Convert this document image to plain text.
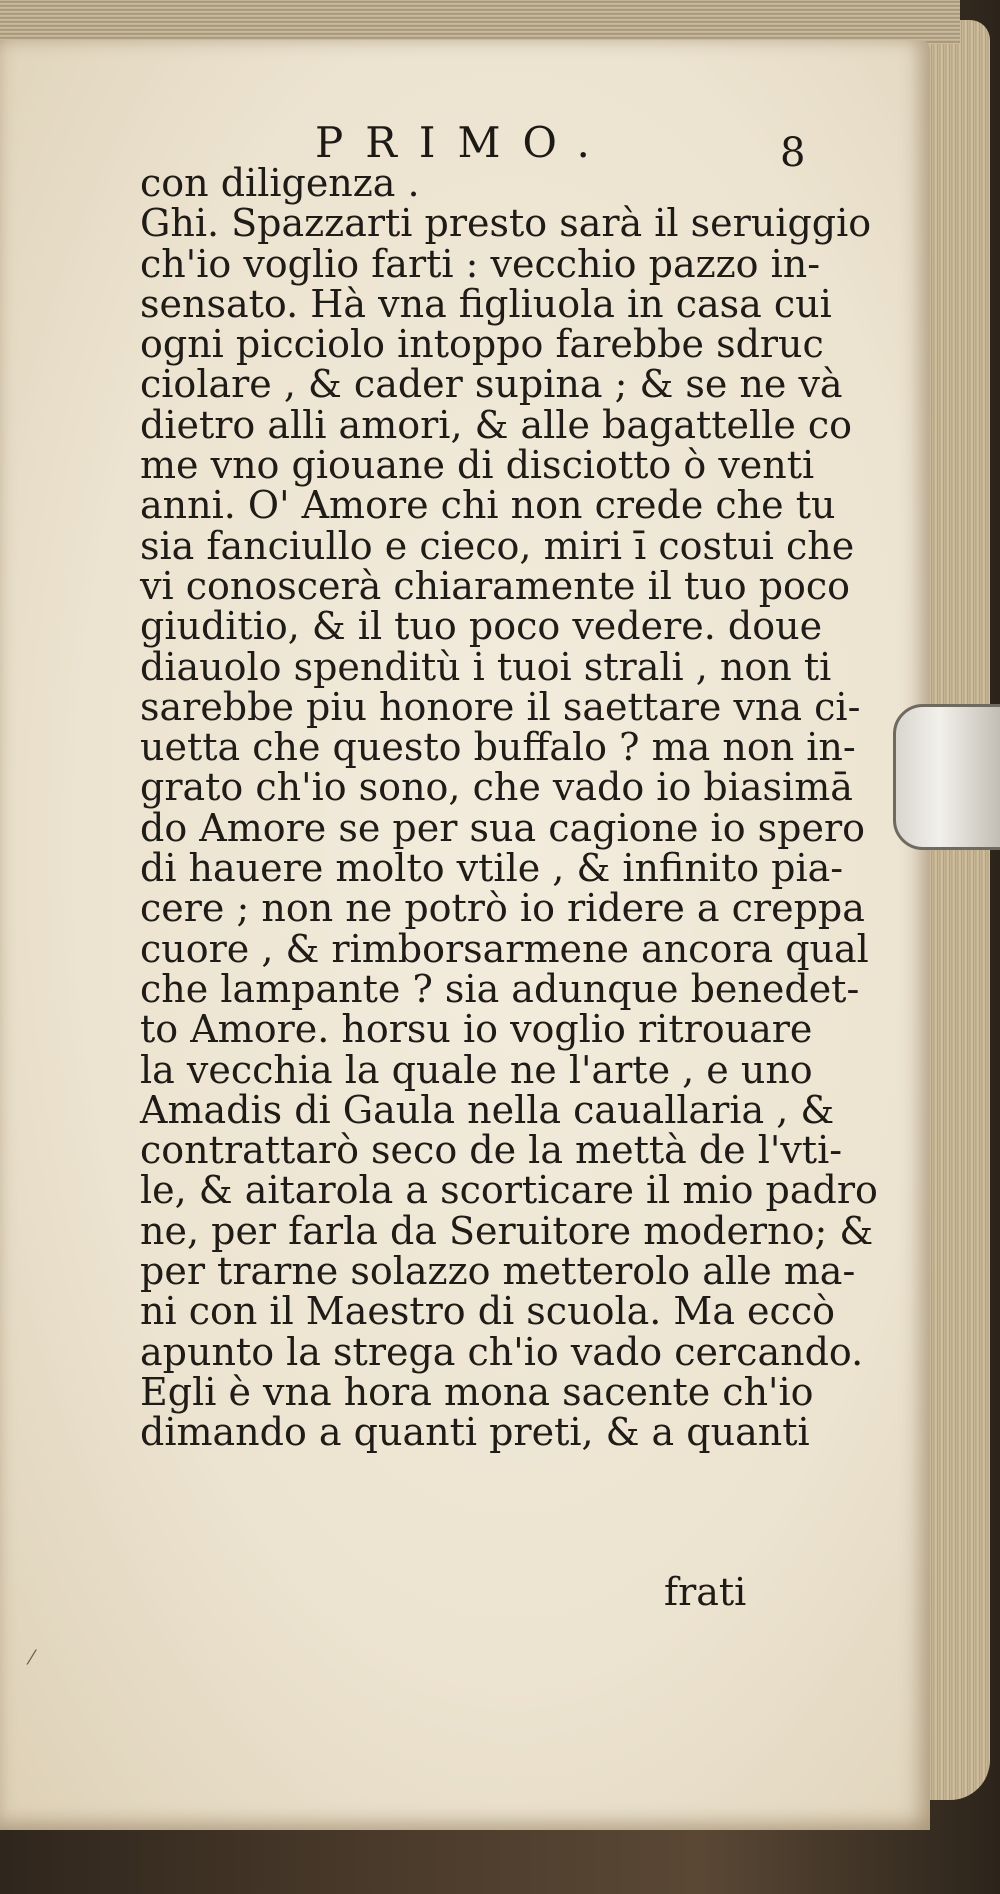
PRIMO.	8
con diligenza .
Ghi. Spazzarti presto sarà il seruiggio
ch'io voglio farti : vecchio pazzo in-
sensato. Hà vna figliuola in casa cui
ogni picciolo intoppo farebbe sdruc
ciolare , & cader supina ; & se ne và
dietro alli amori, & alle bagattelle co
me vno giouane di disciotto ò venti
anni. O' Amore chi non crede che tu
sia fanciullo e cieco, miri ī costui che
vi conoscerà chiaramente il tuo poco
giuditio, & il tuo poco vedere. doue
diauolo spenditù i tuoi strali , non ti
sarebbe piu honore il saettare vna ci-
uetta che questo buffalo ? ma non in-
grato ch'io sono, che vado io biasimā
do Amore se per sua cagione io spero
di hauere molto vtile , & infinito pia-
cere ; non ne potrò io ridere a creppa
cuore , & rimborsarmene ancora qual
che lampante ? sia adunque benedet-
to Amore. horsu io voglio ritrouare
la vecchia la quale ne l'arte , e uno
Amadis di Gaula nella cauallaria , &
contrattarò seco de la mettà de l'vti-
le, & aitarola a scorticare il mio padro
ne, per farla da Seruitore moderno; &
per trarne solazzo metterolo alle ma-
ni con il Maestro di scuola. Ma eccò
apunto la strega ch'io vado cercando.
Egli è vna hora mona sacente ch'io
dimando a quanti preti, & a quanti
frati
⁄
